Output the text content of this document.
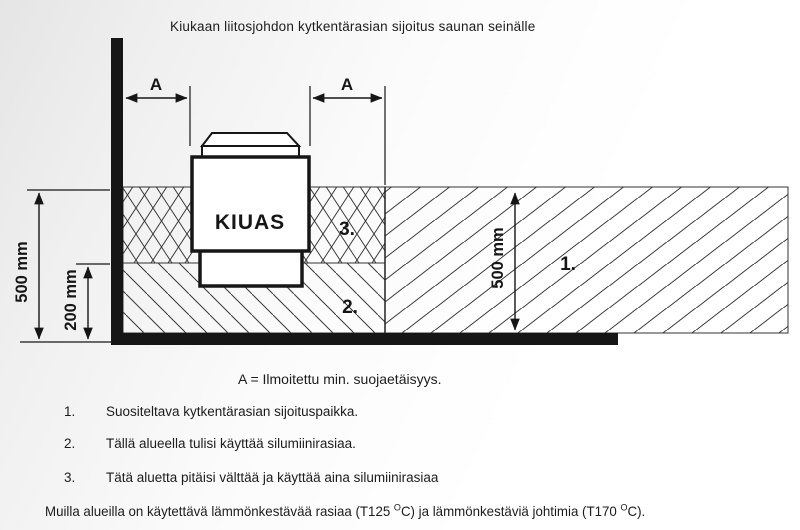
Kiukaan liitosjohdon kytkentärasian sijoitus saunan seinälle
KIUAS	3.
2.
1.
A	A
500 mm 200 mm
500 mm
A = Ilmoitettu min. suojaetäisyys.
1. Suositeltava kytkentärasian sijoituspaikka.
2. Tällä alueella tulisi käyttää silumiinirasiaa.
3. Tätä aluetta pitäisi välttää ja käyttää aina silumiinirasiaa
Muilla alueilla on käytettävä lämmönkestävää rasiaa (T125 $^O$C) ja lämmönkestäviä johtimia (T170 $^O$C).
